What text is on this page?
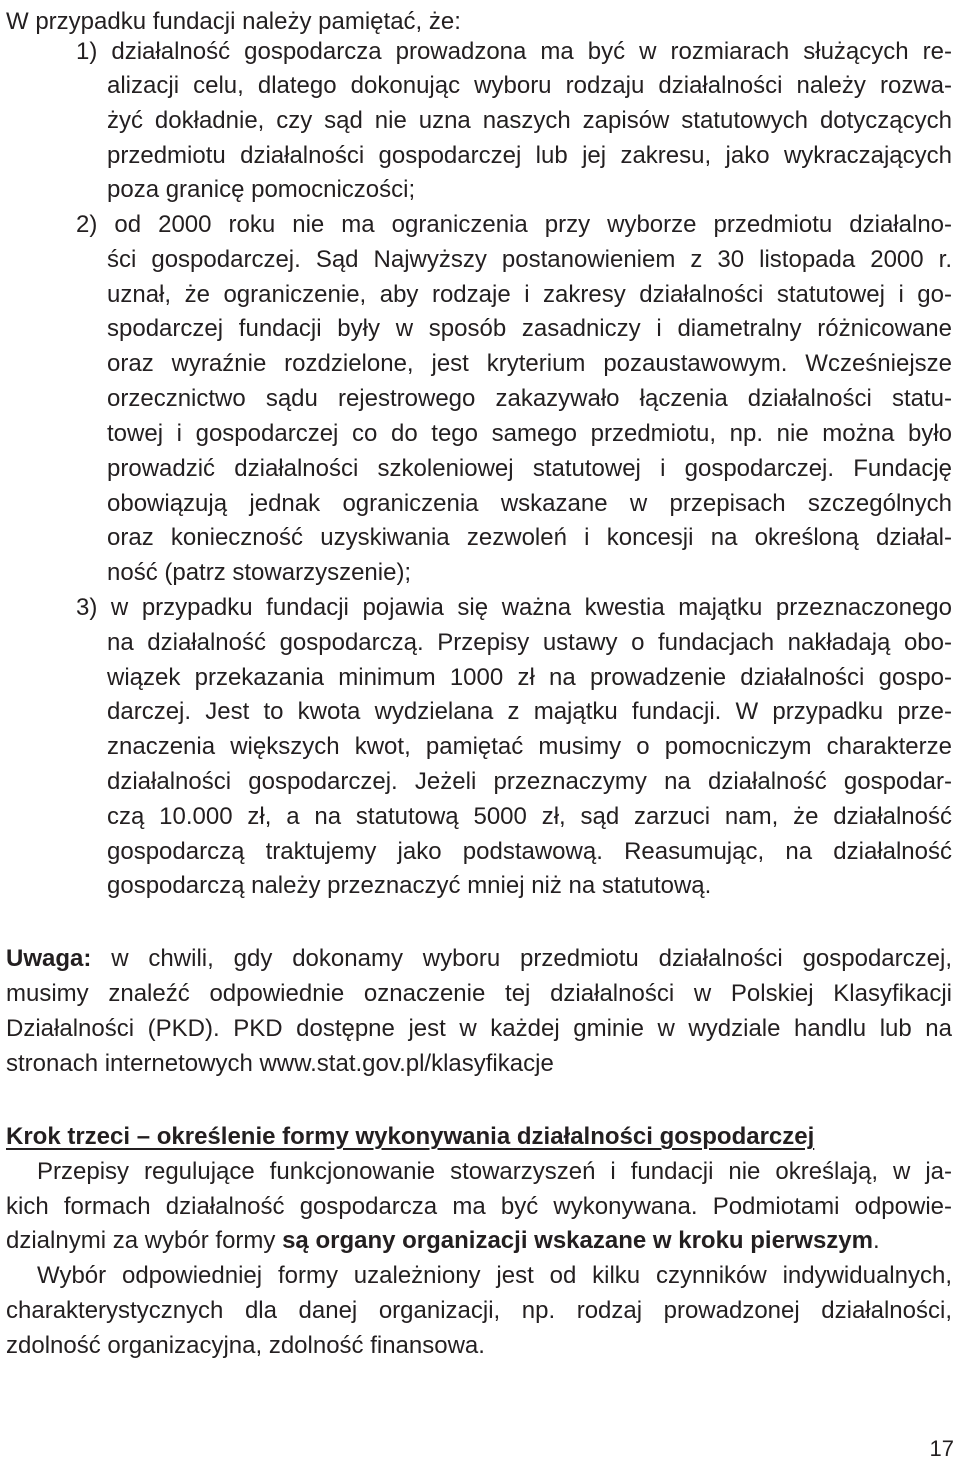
W przypadku fundacji należy pamiętać, że:
1) działalność gospodarcza prowadzona ma być w rozmiarach służących re-
alizacji celu, dlatego dokonując wyboru rodzaju działalności należy rozwa-
żyć dokładnie, czy sąd nie uzna naszych zapisów statutowych dotyczących
przedmiotu działalności gospodarczej lub jej zakresu, jako wykraczających
poza granicę pomocniczości;
2) od 2000 roku nie ma ograniczenia przy wyborze przedmiotu działalno-
ści gospodarczej. Sąd Najwyższy postanowieniem z 30 listopada 2000 r.
uznał, że ograniczenie, aby rodzaje i zakresy działalności statutowej i go-
spodarczej fundacji były w sposób zasadniczy i diametralny różnicowane
oraz wyraźnie rozdzielone, jest kryterium pozaustawowym. Wcześniejsze
orzecznictwo sądu rejestrowego zakazywało łączenia działalności statu-
towej i gospodarczej co do tego samego przedmiotu, np. nie można było
prowadzić działalności szkoleniowej statutowej i gospodarczej. Fundację
obowiązują jednak ograniczenia wskazane w przepisach szczególnych
oraz konieczność uzyskiwania zezwoleń i koncesji na określoną działal-
ność (patrz stowarzyszenie);
3) w przypadku fundacji pojawia się ważna kwestia majątku przeznaczonego
na działalność gospodarczą. Przepisy ustawy o fundacjach nakładają obo-
wiązek przekazania minimum 1000 zł na prowadzenie działalności gospo-
darczej. Jest to kwota wydzielana z majątku fundacji. W przypadku prze-
znaczenia większych kwot, pamiętać musimy o pomocniczym charakterze
działalności gospodarczej. Jeżeli przeznaczymy na działalność gospodar-
czą 10.000 zł, a na statutową 5000 zł, sąd zarzuci nam, że działalność
gospodarczą traktujemy jako podstawową. Reasumując, na działalność
gospodarczą należy przeznaczyć mniej niż na statutową.
Uwaga: w chwili, gdy dokonamy wyboru przedmiotu działalności gospodarczej,
musimy znaleźć odpowiednie oznaczenie tej działalności w Polskiej Klasyfikacji
Działalności (PKD). PKD dostępne jest w każdej gminie w wydziale handlu lub na
stronach internetowych www.stat.gov.pl/klasyfikacje
Krok trzeci – określenie formy wykonywania działalności gospodarczej
Przepisy regulujące funkcjonowanie stowarzyszeń i fundacji nie określają, w ja-
kich formach działalność gospodarcza ma być wykonywana. Podmiotami odpowie-
dzialnymi za wybór formy są organy organizacji wskazane w kroku pierwszym.
Wybór odpowiedniej formy uzależniony jest od kilku czynników indywidualnych,
charakterystycznych dla danej organizacji, np. rodzaj prowadzonej działalności,
zdolność organizacyjna, zdolność finansowa.
17
